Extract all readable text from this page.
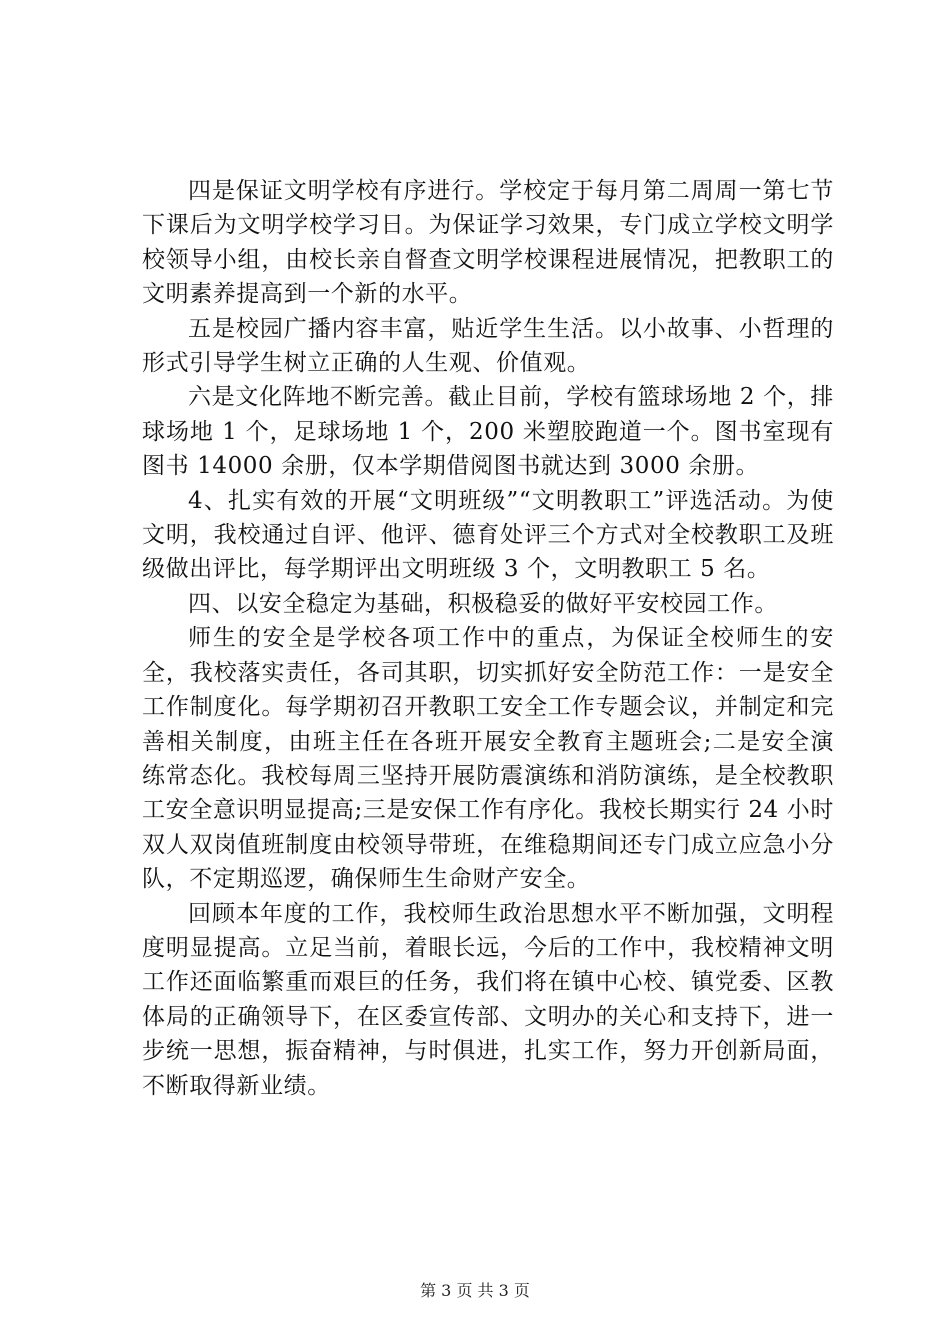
四是保证文明学校有序进行。学校定于每月第二周周一第七节下课后为文明学校学习日。为保证学习效果，专门成立学校文明学校领导小组，由校长亲自督查文明学校课程进展情况，把教职工的文明素养提高到一个新的水平。

五是校园广播内容丰富，贴近学生生活。以小故事、小哲理的形式引导学生树立正确的人生观、价值观。

六是文化阵地不断完善。截止目前，学校有篮球场地 2 个，排球场地 1 个，足球场地 1 个，200 米塑胶跑道一个。图书室现有图书 14000 余册，仅本学期借阅图书就达到 3000 余册。

4、扎实有效的开展“文明班级”“文明教职工”评选活动。为使文明，我校通过自评、他评、德育处评三个方式对全校教职工及班级做出评比，每学期评出文明班级 3 个，文明教职工 5 名。

四、以安全稳定为基础，积极稳妥的做好平安校园工作。

师生的安全是学校各项工作中的重点，为保证全校师生的安全，我校落实责任，各司其职，切实抓好安全防范工作：一是安全工作制度化。每学期初召开教职工安全工作专题会议，并制定和完善相关制度，由班主任在各班开展安全教育主题班会;二是安全演练常态化。我校每周三坚持开展防震演练和消防演练，是全校教职工安全意识明显提高;三是安保工作有序化。我校长期实行 24 小时双人双岗值班制度由校领导带班，在维稳期间还专门成立应急小分队，不定期巡逻，确保师生生命财产安全。

回顾本年度的工作，我校师生政治思想水平不断加强，文明程度明显提高。立足当前，着眼长远，今后的工作中，我校精神文明工作还面临繁重而艰巨的任务，我们将在镇中心校、镇党委、区教体局的正确领导下，在区委宣传部、文明办的关心和支持下，进一步统一思想，振奋精神，与时俱进，扎实工作，努力开创新局面，不断取得新业绩。

第 3 页 共 3 页
